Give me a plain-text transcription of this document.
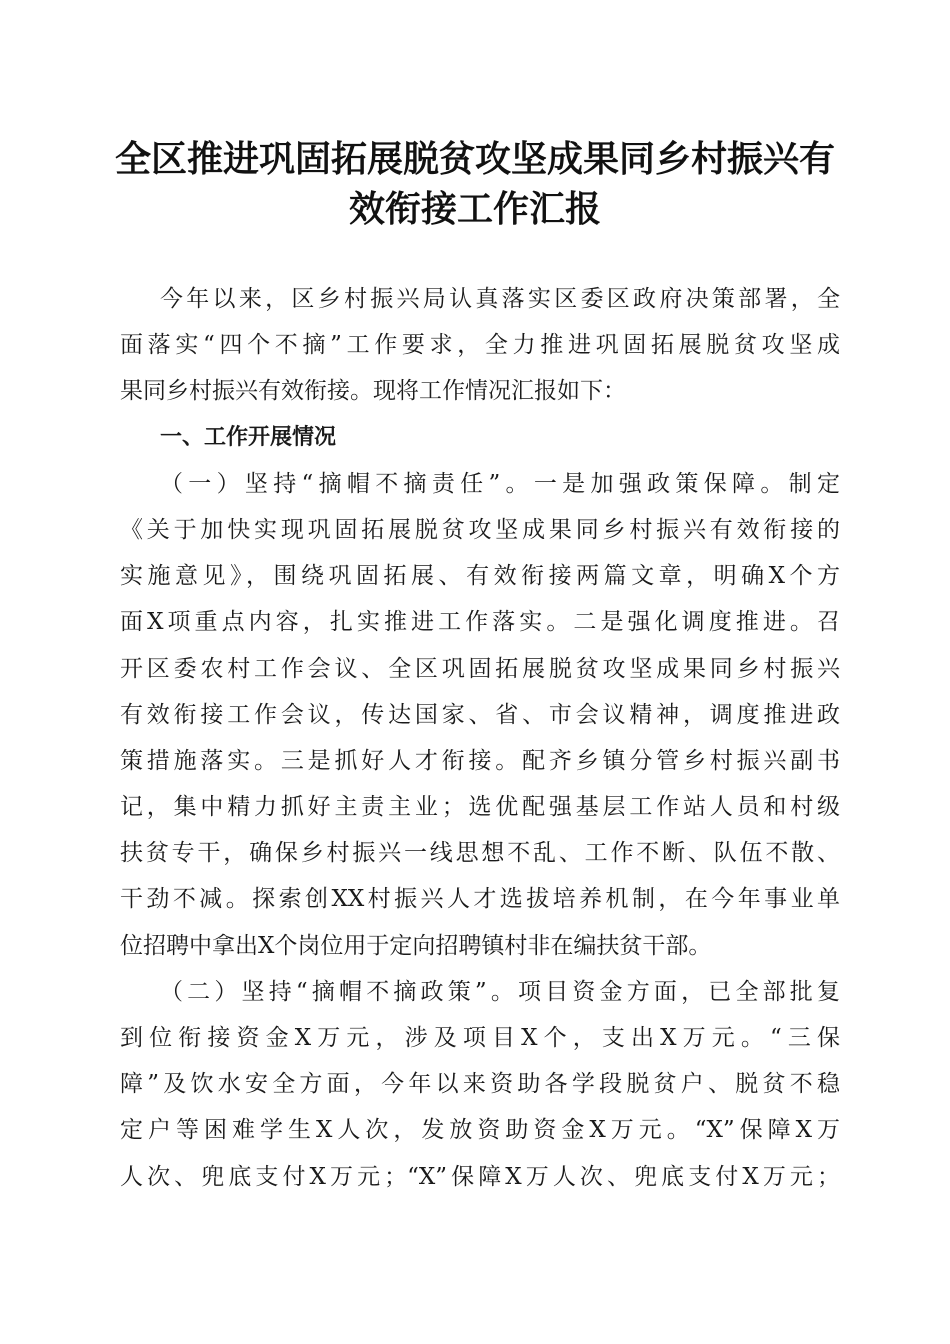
全区推进巩固拓展脱贫攻坚成果同乡村振兴有
效衔接工作汇报
今年以来，区乡村振兴局认真落实区委区政府决策部署，全
面落实“四个不摘”工作要求，全力推进巩固拓展脱贫攻坚成
果同乡村振兴有效衔接。现将工作情况汇报如下：
一、工作开展情况
（一）坚持“摘帽不摘责任”。一是加强政策保障。制定
《关于加快实现巩固拓展脱贫攻坚成果同乡村振兴有效衔接的
实施意见》，围绕巩固拓展、有效衔接两篇文章，明确X个方
面X项重点内容，扎实推进工作落实。二是强化调度推进。召
开区委农村工作会议、全区巩固拓展脱贫攻坚成果同乡村振兴
有效衔接工作会议，传达国家、省、市会议精神，调度推进政
策措施落实。三是抓好人才衔接。配齐乡镇分管乡村振兴副书
记，集中精力抓好主责主业；选优配强基层工作站人员和村级
扶贫专干，确保乡村振兴一线思想不乱、工作不断、队伍不散、
干劲不减。探索创XX村振兴人才选拔培养机制，在今年事业单
位招聘中拿出X个岗位用于定向招聘镇村非在编扶贫干部。
（二）坚持“摘帽不摘政策”。项目资金方面，已全部批复
到位衔接资金X万元，涉及项目X个，支出X万元。“三保
障”及饮水安全方面，今年以来资助各学段脱贫户、脱贫不稳
定户等困难学生X人次，发放资助资金X万元。“X”保障X万
人次、兜底支付X万元；“X”保障X万人次、兜底支付X万元；
